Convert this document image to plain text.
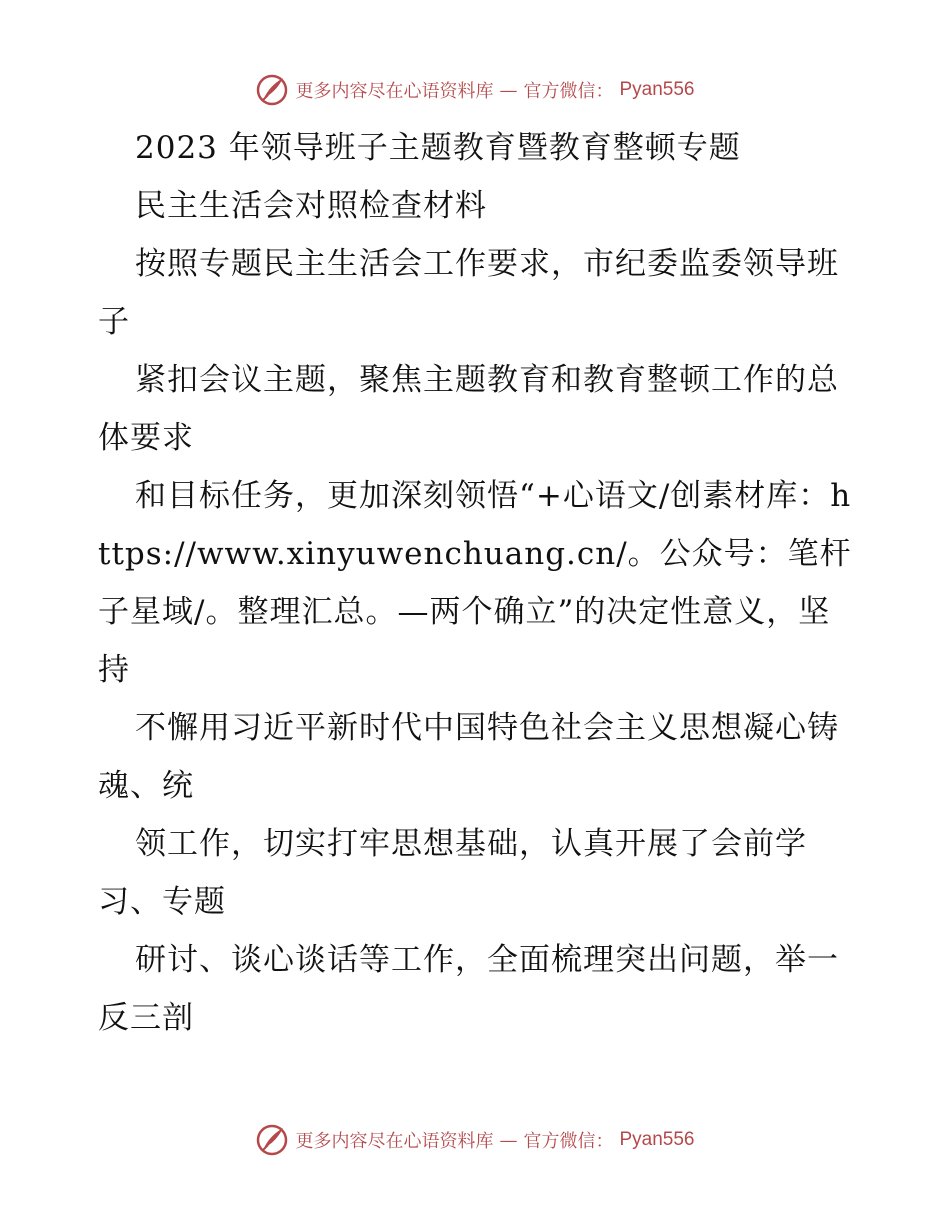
更多内容尽在心语资料库 — 官方微信： Pyan556

2023 年领导班子主题教育暨教育整顿专题

民主生活会对照检查材料

按照专题民主生活会工作要求，市纪委监委领导班子

紧扣会议主题，聚焦主题教育和教育整顿工作的总体要求

和目标任务，更加深刻领悟“+心语文/创素材库：https://www.xinyuwenchuang.cn/。公众号：笔杆子星域/。整理汇总。—两个确立”的决定性意义，坚持

不懈用习近平新时代中国特色社会主义思想凝心铸魂、统

领工作，切实打牢思想基础，认真开展了会前学习、专题

研讨、谈心谈话等工作，全面梳理突出问题，举一反三剖

更多内容尽在心语资料库 — 官方微信： Pyan556
